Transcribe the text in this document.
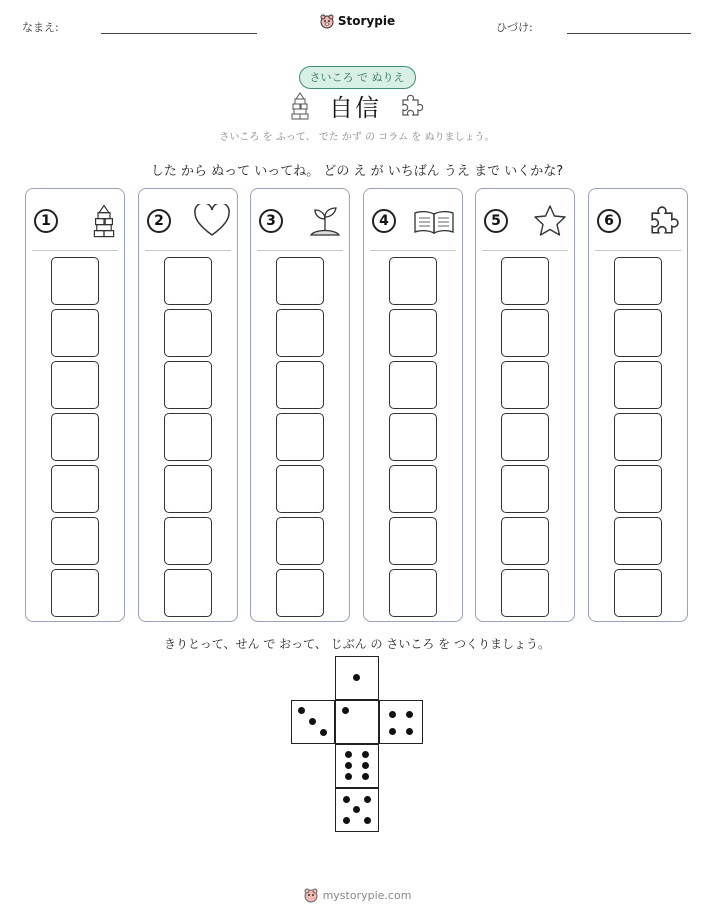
なまえ:	Storypie	ひづけ:
さいころ で ぬりえ
自信
さいころ を ふって、 でた かず の コラム を ぬりましょう。
した から ぬって いってね。 どの え が いちばん うえ まで いくかな?
1	2	3	4	5	6
きりとって、せん で おって、 じぶん の さいころ を つくりましょう。
mystorypie.com
